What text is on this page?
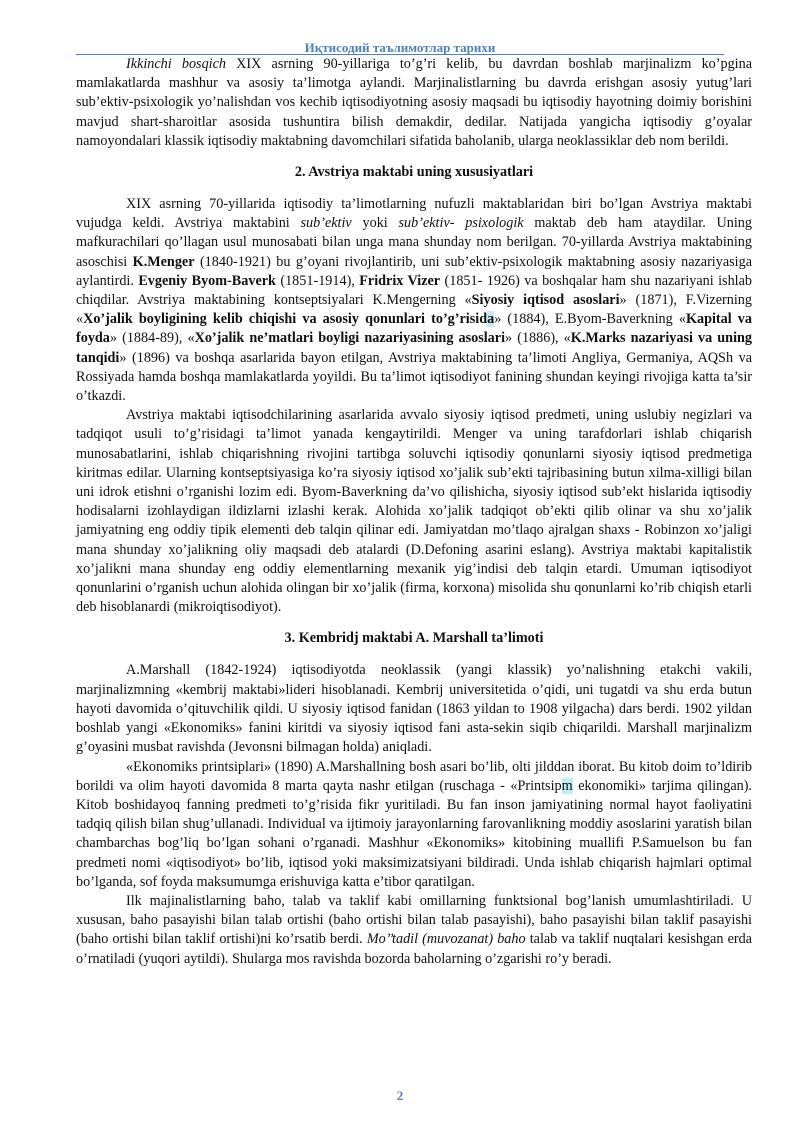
Иқтисодий таълимотлар тарихи

Ikkinchi bosqich XIX asrning 90-yillariga to’g’ri kelib, bu davrdan boshlab marjinalizm ko’pgina mamlakatlarda mashhur va asosiy ta’limotga aylandi. Marjinalistlarning bu davrda erishgan asosiy yutug’lari sub’ektiv-psixologik yo’nalishdan vos kechib iqtisodiyotning asosiy maqsadi bu iqtisodiy hayotning doimiy borishini mavjud shart-sharoitlar asosida tushuntira bilish demakdir, dedilar. Natijada yangicha iqtisodiy g’oyalar namoyondalari klassik iqtisodiy maktabning davomchilari sifatida baholanib, ularga neoklassiklar deb nom berildi.

2. Avstriya maktabi uning xususiyatlari

XIX asrning 70-yillarida iqtisodiy ta’limotlarning nufuzli maktablaridan biri bo’lgan Avstriya maktabi vujudga keldi. Avstriya maktabini sub’ektiv yoki sub’ektiv- psixologik maktab deb ham ataydilar. Uning mafkurachilari qo’llagan usul munosabati bilan unga mana shunday nom berilgan. 70-yillarda Avstriya maktabining asoschisi K.Menger (1840-1921) bu g’oyani rivojlantirib, uni sub’ektiv-psixologik maktabning asosiy nazariyasiga aylantirdi. Evgeniy Byom-Baverk (1851-1914), Fridrix Vizer (1851- 1926) va boshqalar ham shu nazariyani ishlab chiqdilar. Avstriya maktabining kontseptsiyalari K.Mengerning «Siyosiy iqtisod asoslari» (1871), F.Vizerning «Xo’jalik boyligining kelib chiqishi va asosiy qonunlari to’g’risida» (1884), E.Byom-Baverkning «Kapital va foyda» (1884-89), «Xo’jalik ne’matlari boyligi nazariyasining asoslari» (1886), «K.Marks nazariyasi va uning tanqidi» (1896) va boshqa asarlarida bayon etilgan, Avstriya maktabining ta’limoti Angliya, Germaniya, AQSh va Rossiyada hamda boshqa mamlakatlarda yoyildi. Bu ta’limot iqtisodiyot fanining shundan keyingi rivojiga katta ta’sir o’tkazdi.

Avstriya maktabi iqtisodchilarining asarlarida avvalo siyosiy iqtisod predmeti, uning uslubiy negizlari va tadqiqot usuli to’g’risidagi ta’limot yanada kengaytirildi. Menger va uning tarafdorlari ishlab chiqarish munosabatlarini, ishlab chiqarishning rivojini tartibga soluvchi iqtisodiy qonunlarni siyosiy iqtisod predmetiga kiritmas edilar. Ularning kontseptsiyasiga ko’ra siyosiy iqtisod xo’jalik sub’ekti tajribasining butun xilma-xilligi bilan uni idrok etishni o’rganishi lozim edi. Byom-Baverkning da’vo qilishicha, siyosiy iqtisod sub’ekt hislarida iqtisodiy hodisalarni izohlaydigan ildizlarni izlashi kerak. Alohida xo’jalik tadqiqot ob’ekti qilib olinar va shu xo’jalik jamiyatning eng oddiy tipik elementi deb talqin qilinar edi. Jamiyatdan mo’tlaqo ajralgan shaxs - Robinzon xo’jaligi mana shunday xo’jalikning oliy maqsadi deb atalardi (D.Defoning asarini eslang). Avstriya maktabi kapitalistik xo’jalikni mana shunday eng oddiy elementlarning mexanik yig’indisi deb talqin etardi. Umuman iqtisodiyot qonunlarini o’rganish uchun alohida olingan bir xo’jalik (firma, korxona) misolida shu qonunlarni ko’rib chiqish etarli deb hisoblanardi (mikroiqtisodiyot).

3. Kembridj maktabi A. Marshall ta’limoti

A.Marshall (1842-1924) iqtisodiyotda neoklassik (yangi klassik) yo’nalishning etakchi vakili, marjinalizmning «kembrij maktabi»lideri hisoblanadi. Kembrij universitetida o’qidi, uni tugatdi va shu erda butun hayoti davomida o’qituvchilik qildi. U siyosiy iqtisod fanidan (1863 yildan to 1908 yilgacha) dars berdi. 1902 yildan boshlab yangi «Ekonomiks» fanini kiritdi va siyosiy iqtisod fani asta-sekin siqib chiqarildi. Marshall marjinalizm g’oyasini musbat ravishda (Jevonsni bilmagan holda) aniqladi.

«Ekonomiks printsiplari» (1890) A.Marshallning bosh asari bo’lib, olti jilddan iborat. Bu kitob doim to’ldirib borildi va olim hayoti davomida 8 marta qayta nashr etilgan (ruschaga - «Printsipm ekonomiki» tarjima qilingan). Kitob boshidayoq fanning predmeti to’g’risida fikr yuritiladi. Bu fan inson jamiyatining normal hayot faoliyatini tadqiq qilish bilan shug’ullanadi. Individual va ijtimoiy jarayonlarning farovanlikning moddiy asoslarini yaratish bilan chambarchas bog’liq bo’lgan sohani o’rganadi. Mashhur «Ekonomiks» kitobining muallifi P.Samuelson bu fan predmeti nomi «iqtisodiyot» bo’lib, iqtisod yoki maksimizatsiyani bildiradi. Unda ishlab chiqarish hajmlari optimal bo’lganda, sof foyda maksumumga erishuviga katta e’tibor qaratilgan.

Ilk majinalistlarning baho, talab va taklif kabi omillarning funktsional bog’lanish umumlashtiriladi. U xususan, baho pasayishi bilan talab ortishi (baho ortishi bilan talab pasayishi), baho pasayishi bilan taklif pasayishi (baho ortishi bilan taklif ortishi)ni ko’rsatib berdi. Mo’’tadil (muvozanat) baho talab va taklif nuqtalari kesishgan erda o’rnatiladi (yuqori aytildi). Shularga mos ravishda bozorda baholarning o’zgarishi ro’y beradi.

2
